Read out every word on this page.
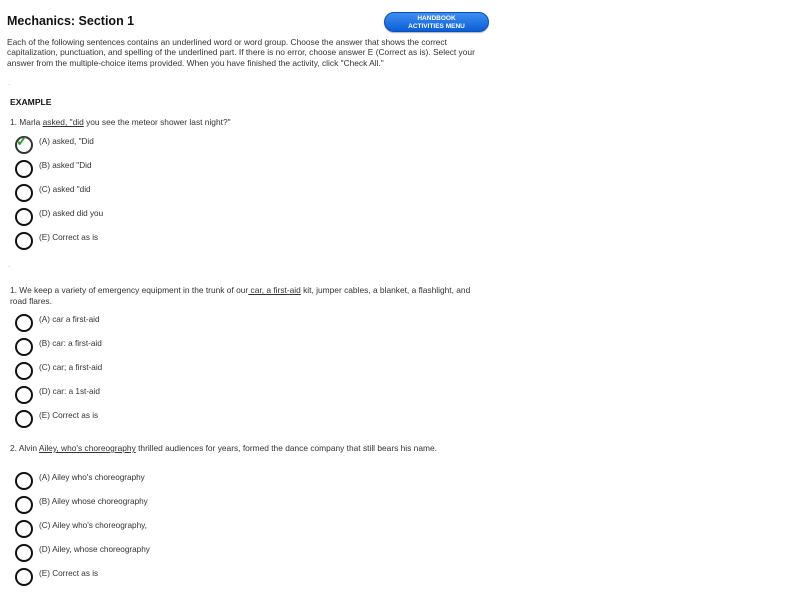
Mechanics: Section 1	HANDBOOK
ACTIVITIES MENU
Each of the following sentences contains an underlined word or word group. Choose the answer that shows the correct capitalization, punctuation, and spelling of the underlined part. If there is no error, choose answer E (Correct as is). Select your answer from the multiple-choice items provided. When you have finished the activity, click "Check All."
.
EXAMPLE
1. Marla asked, "did you see the meteor shower last night?"
✓ (A) asked, "Did
(B) asked "Did
(C) asked "did
(D) asked did you
(E) Correct as is
.
1. We keep a variety of emergency equipment in the trunk of our car, a first-aid kit, jumper cables, a blanket, a flashlight, and road flares.
(A) car a first-aid
(B) car: a first-aid
(C) car; a first-aid
(D) car: a 1st-aid
(E) Correct as is
2. Alvin Ailey, who's choreography thrilled audiences for years, formed the dance company that still bears his name.
(A) Ailey who's choreography
(B) Ailey whose choreography
(C) Ailey who's choreography,
(D) Ailey, whose choreography
(E) Correct as is
